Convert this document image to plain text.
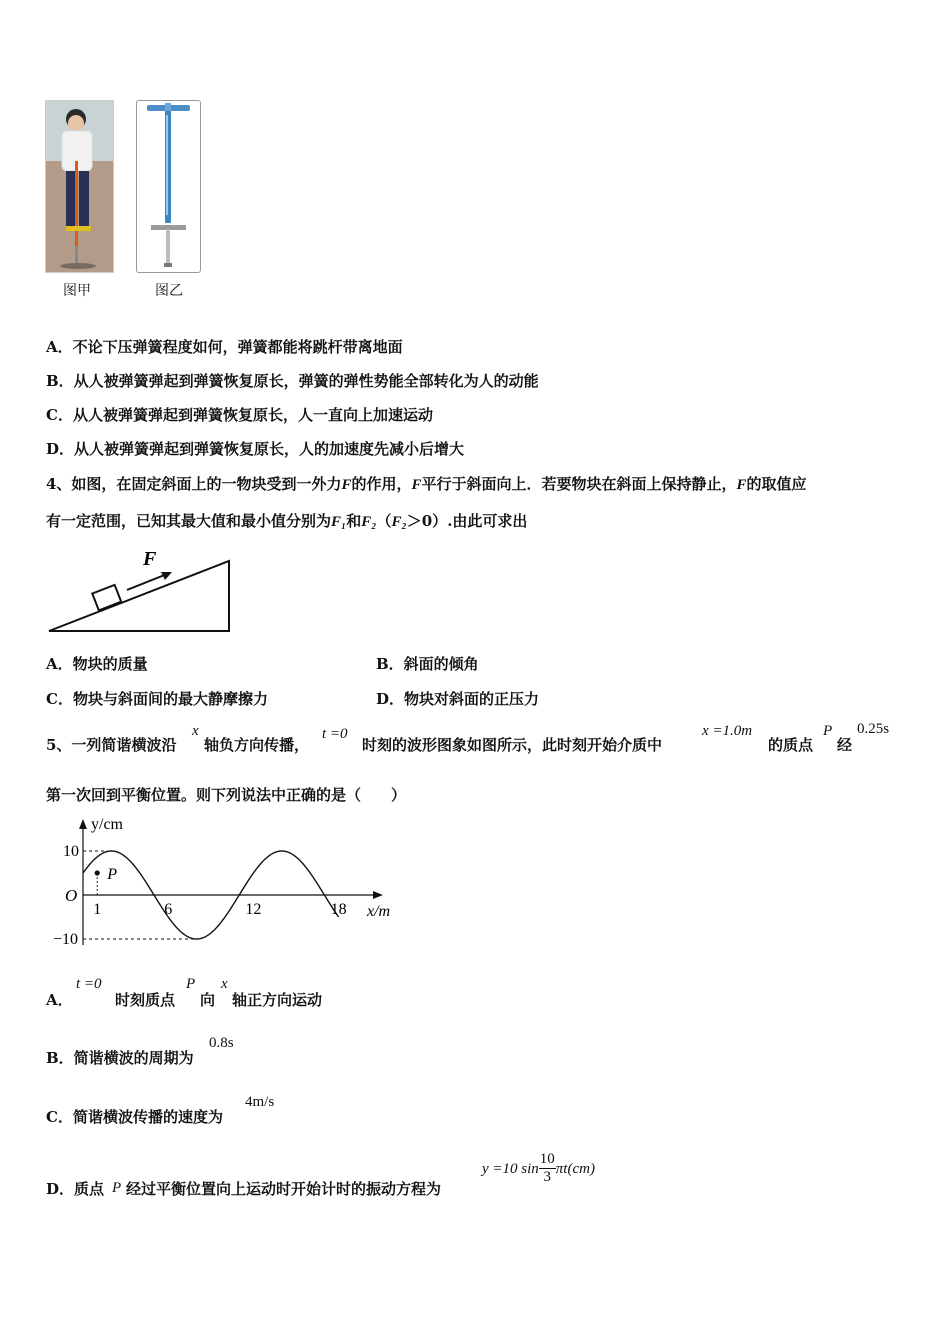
图甲	图乙
A．不论下压弹簧程度如何，弹簧都能将跳杆带离地面
B．从人被弹簧弹起到弹簧恢复原长，弹簧的弹性势能全部转化为人的动能
C．从人被弹簧弹起到弹簧恢复原长，人一直向上加速运动
D．从人被弹簧弹起到弹簧恢复原长，人的加速度先减小后增大
4、如图，在固定斜面上的一物块受到一外力F的作用，F平行于斜面向上．若要物块在斜面上保持静止，F的取值应
有一定范围，已知其最大值和最小值分别为F₁和F₂（F₂＞0）.由此可求出
F
A．物块的质量	B．斜面的倾角
C．物块与斜面间的最大静摩擦力	D．物块对斜面的正压力
5、一列简谐横波沿
x
轴负方向传播，
t =0
时刻的波形图象如图所示，此时刻开始介质中
x =1.0m
的质点
P
经
0.25s
第一次回到平衡位置。则下列说法中正确的是（　　）
P
y/cm
x/m
O
10
−10
1	6	12	18
A．
t =0
时刻质点
P
向
x
轴正方向运动
B．简谐横波的周期为
0.8s
C．简谐横波传播的速度为
4m/s
D．质点 P 经过平衡位置向上运动时开始计时的振动方程为
y =10 $\sin \frac{10}{3} \pi t(cm)$
